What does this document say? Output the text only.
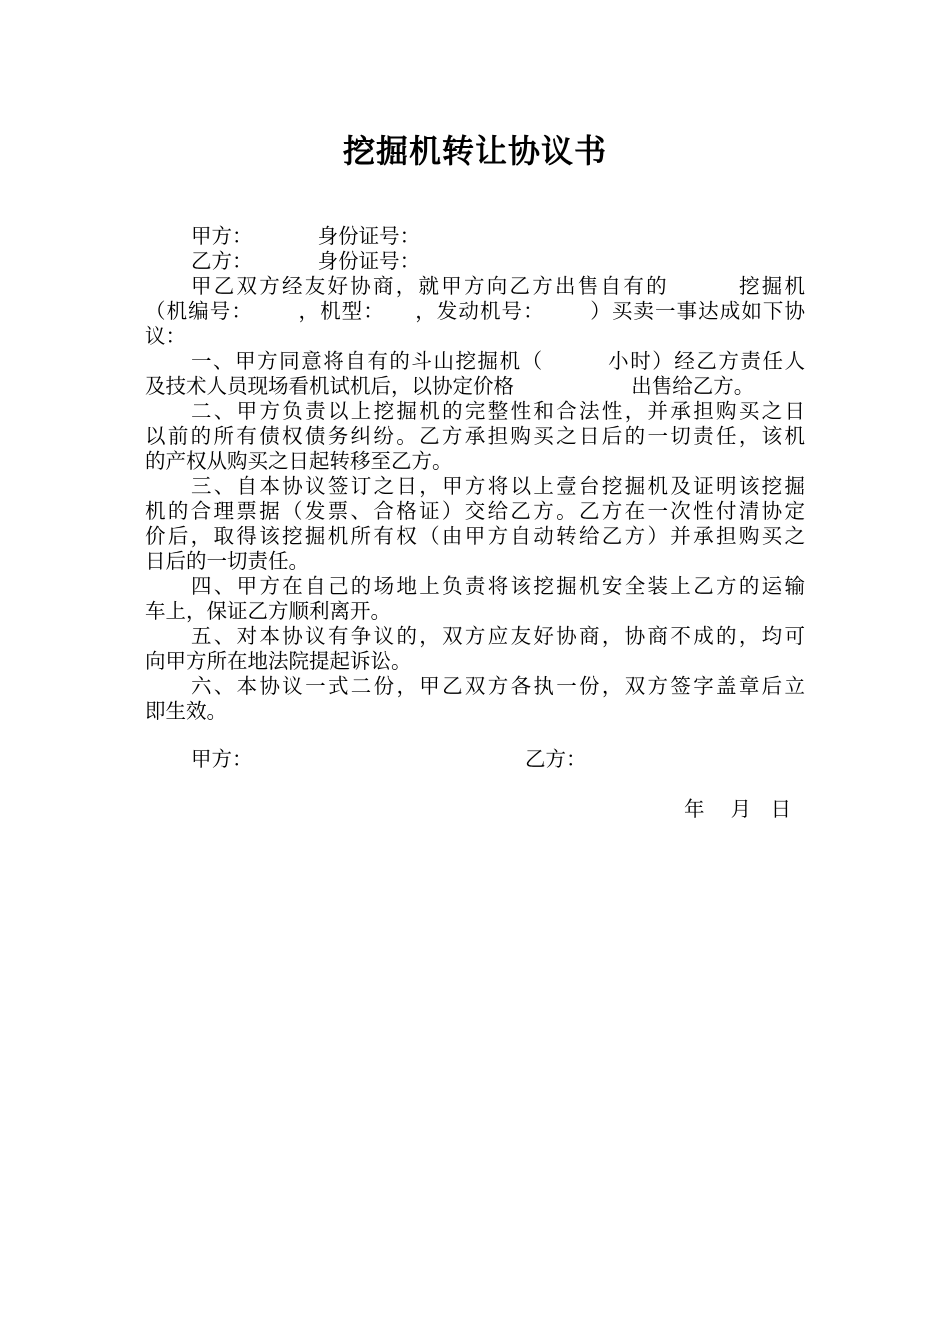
挖掘机转让协议书
甲方：          身份证号：
乙方：          身份证号：
甲乙双方经友好协商，就甲方向乙方出售自有的        挖掘机
（机编号：      ，机型：    ，发动机号：      ）买卖一事达成如下协
议：
一、甲方同意将自有的斗山挖掘机（        小时）经乙方责任人
及技术人员现场看机试机后，以协定价格                  出售给乙方。
二、甲方负责以上挖掘机的完整性和合法性，并承担购买之日
以前的所有债权债务纠纷。乙方承担购买之日后的一切责任，该机
的产权从购买之日起转移至乙方。
三、自本协议签订之日，甲方将以上壹台挖掘机及证明该挖掘
机的合理票据（发票、合格证）交给乙方。乙方在一次性付清协定
价后，取得该挖掘机所有权（由甲方自动转给乙方）并承担购买之
日后的一切责任。
四、甲方在自己的场地上负责将该挖掘机安全装上乙方的运输
车上，保证乙方顺利离开。
五、对本协议有争议的，双方应友好协商，协商不成的，均可
向甲方所在地法院提起诉讼。
六、本协议一式二份，甲乙双方各执一份，双方签字盖章后立
即生效。
甲方：	乙方：
年    月   日
